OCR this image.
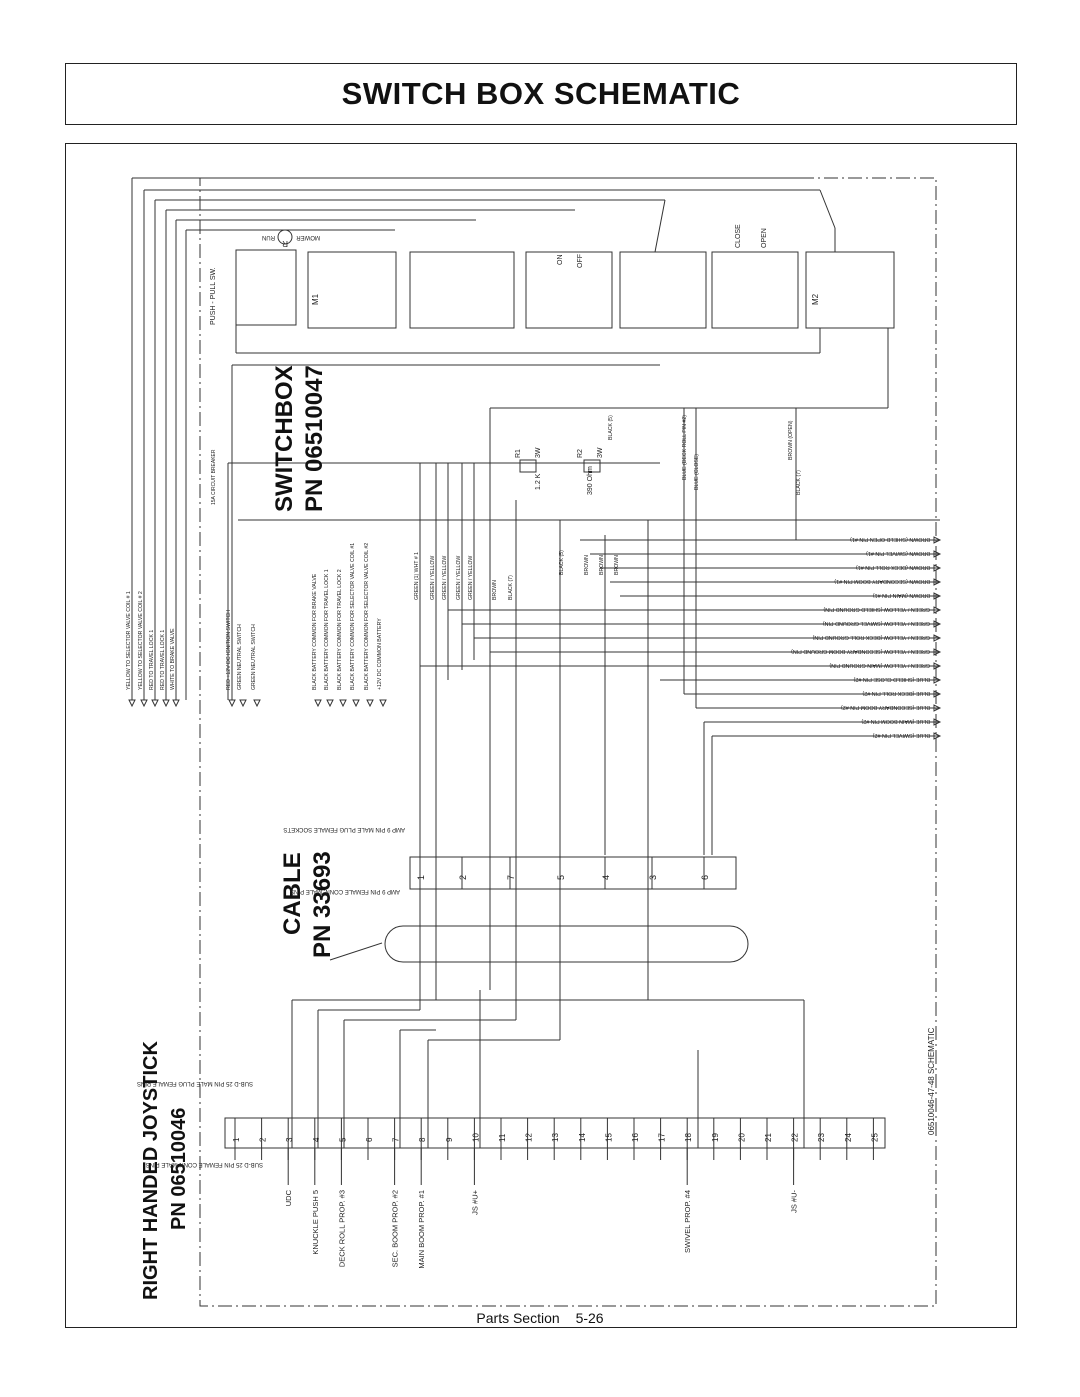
SWITCH BOX SCHEMATIC
YELLOW TO SELECTOR VALVE COIL # 1 YELLOW TO SELECTOR VALVE COIL # 2 RED TO TRAVEL LOCK 1 RED TO TRAVEL LOCK 1 WHITE TO BRAKE VALVE	RED +12V DC IGNITION SWITCH GREEN NEUTRAL SWITCH GREEN NEUTRAL SWITCH	BLACK BATTERY COMMON FOR BRAKE VALVE BLACK BATTERY COMMON FOR TRAVEL LOCK 1 BLACK BATTERY COMMON FOR TRAVEL LOCK 2 BLACK BATTERY COMMON FOR SELECTOR VALVE COIL #1 BLACK BATTERY COMMON FOR SELECTOR VALVE COIL #2 +12V DC COMMON BATTERY
GREEN (1) WHT # 1 GREEN / YELLOW GREEN / YELLOW GREEN / YELLOW GREEN / YELLOW	BROWN BLACK (7)
BLACK (5)	BROWN BROWN BROWN
BROWN (SHIELD OPEN PIN #1)
BROWN (SWIVEL PIN #1)
BROWN (DECK ROLL PIN #1)
BROWN (SECONDARY BOOM PIN #1)
BROWN (MAIN PIN #1)
GREEN / YELLOW (SHIELD GROUND PIN)
GREEN / YELLOW (SWIVEL GROUND PIN)
GREEN / YELLOW (DECK ROLL GROUND PIN)
GREEN / YELLOW (SECONDARY BOOM GROUND PIN)
GREEN / YELLOW (MAIN GROUND PIN)
BLUE (SHIELD CLOSE PIN #2)
BLUE (DECK ROLL PIN #2)
BLUE (SECONDARY BOOM PIN #2)
BLUE (MAIN BOOM PIN #2)
BLUE (SWIVEL PIN #2)
BLACK (5)	BLUE (DECK ROLL PIN #2) BLUE (CLOSE)
BROWN (OPEN)
BLACK (7)
1	2	7	5	4	3	6
1 2 3 4 5 6 7 8 9 10 11 12 13 14 15 16 17 18 19 20 21 22 23 24 25
UDC KNUCKLE PUSH 5 DECK ROLL PROP. #3	SEC. BOOM PROP. #2 MAIN BOOM PROP. #1	JS #U+	SWIVEL PROP. #4	JS #U-
SWITCHBOX PN 06510047
CABLE PN 33693
RIGHT HANDED JOYSTICK PN 06510046
PUSH - PULL SW.
MOWER
RUN
R
M1	M2
15A CIRCUIT BREAKER	R1
1.2 K
3W	R2
390 Ohm
3W
CLOSE	OPEN
ON OFF
AMP 9 PIN MALE PLUG FEMALE SOCKETS
AMP 9 PIN FEMALE CONN. MALE PINS
SUB-D 25 PIN MALE PLUG FEMALE PINS
SUB-D 25 PIN FEMALE CONN MALE PINS
06510046-47-48 SCHEMATIC
Parts Section 5-26
